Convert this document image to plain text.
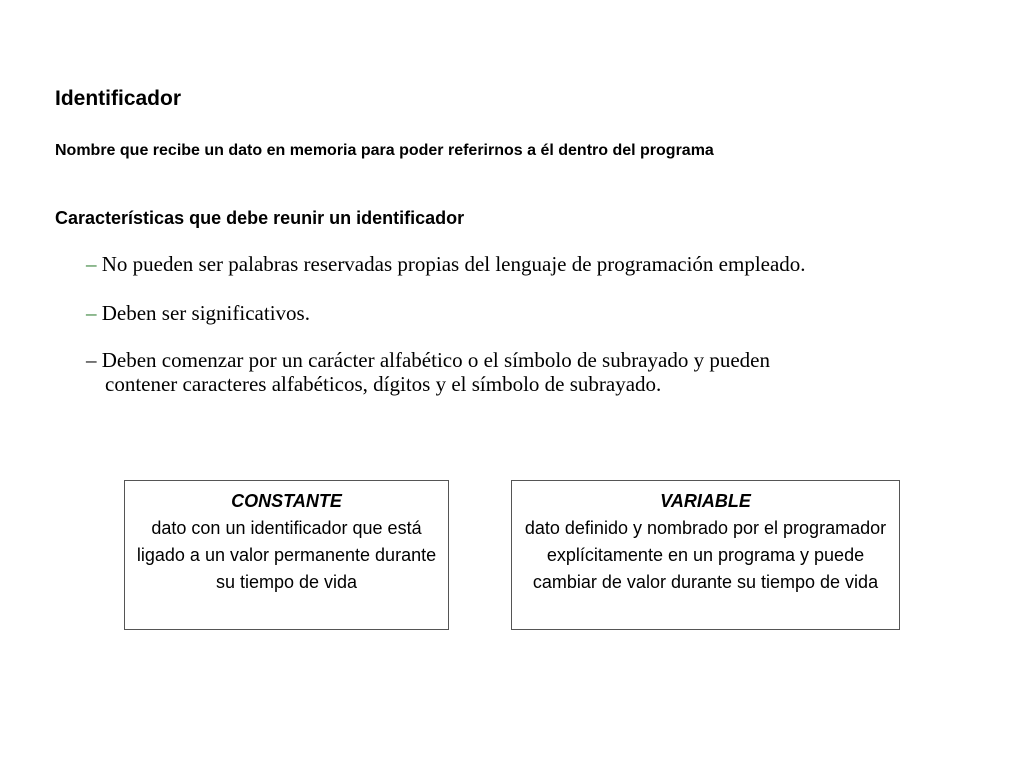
Identificador
Nombre que recibe un dato en memoria para poder referirnos a él dentro del programa
Características que debe reunir un identificador
– No pueden ser palabras reservadas propias del lenguaje de programación empleado.
– Deben ser significativos.
– Deben comenzar por un carácter alfabético o el símbolo de subrayado y pueden
contener caracteres alfabéticos, dígitos y el símbolo de subrayado.
CONSTANTE
dato con un identificador que está ligado a un valor permanente durante su tiempo de vida
VARIABLE
dato definido y nombrado por el programador explícitamente en un programa y puede cambiar de valor durante su tiempo de vida
